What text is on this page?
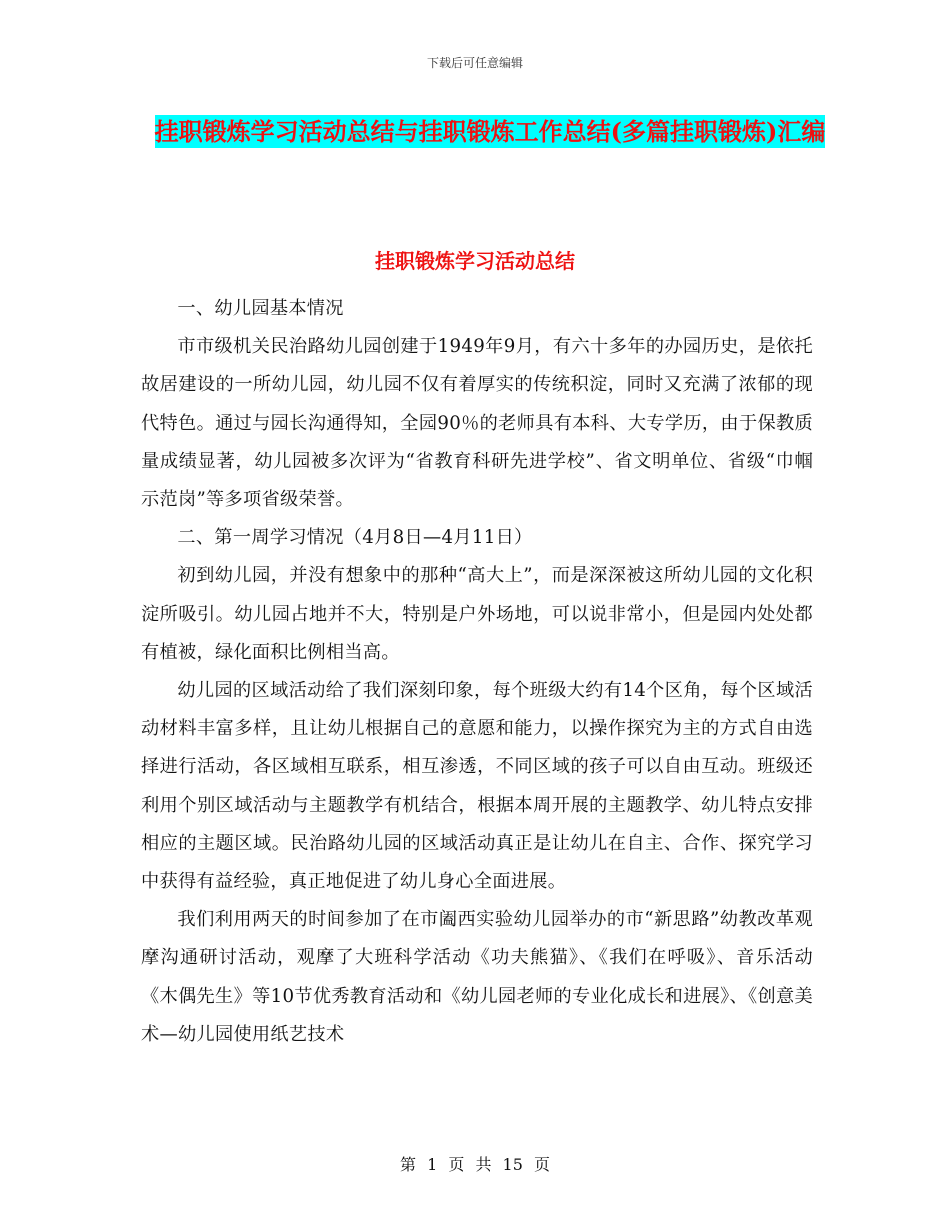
下载后可任意编辑
挂职锻炼学习活动总结与挂职锻炼工作总结(多篇挂职锻炼)汇编
挂职锻炼学习活动总结

一、幼儿园基本情况

市市级机关民治路幼儿园创建于1949年9月，有六十多年的办园历史，是依托故居建设的一所幼儿园，幼儿园不仅有着厚实的传统积淀，同时又充满了浓郁的现代特色。通过与园长沟通得知，全园90％的老师具有本科、大专学历，由于保教质量成绩显著，幼儿园被多次评为“省教育科研先进学校”、省文明单位、省级“巾帼示范岗”等多项省级荣誉。

二、第一周学习情况（4月8日—4月11日）

初到幼儿园，并没有想象中的那种“高大上”，而是深深被这所幼儿园的文化积淀所吸引。幼儿园占地并不大，特别是户外场地，可以说非常小，但是园内处处都有植被，绿化面积比例相当高。

幼儿园的区域活动给了我们深刻印象，每个班级大约有14个区角，每个区域活动材料丰富多样，且让幼儿根据自己的意愿和能力，以操作探究为主的方式自由选择进行活动，各区域相互联系，相互渗透，不同区域的孩子可以自由互动。班级还利用个别区域活动与主题教学有机结合，根据本周开展的主题教学、幼儿特点安排相应的主题区域。民治路幼儿园的区域活动真正是让幼儿在自主、合作、探究学习中获得有益经验，真正地促进了幼儿身心全面进展。

我们利用两天的时间参加了在市阖西实验幼儿园举办的市“新思路”幼教改革观摩沟通研讨活动，观摩了大班科学活动《功夫熊猫》、《我们在呼吸》、音乐活动《木偶先生》等10节优秀教育活动和《幼儿园老师的专业化成长和进展》、《创意美术—幼儿园使用纸艺技术

第 1 页 共 15 页
